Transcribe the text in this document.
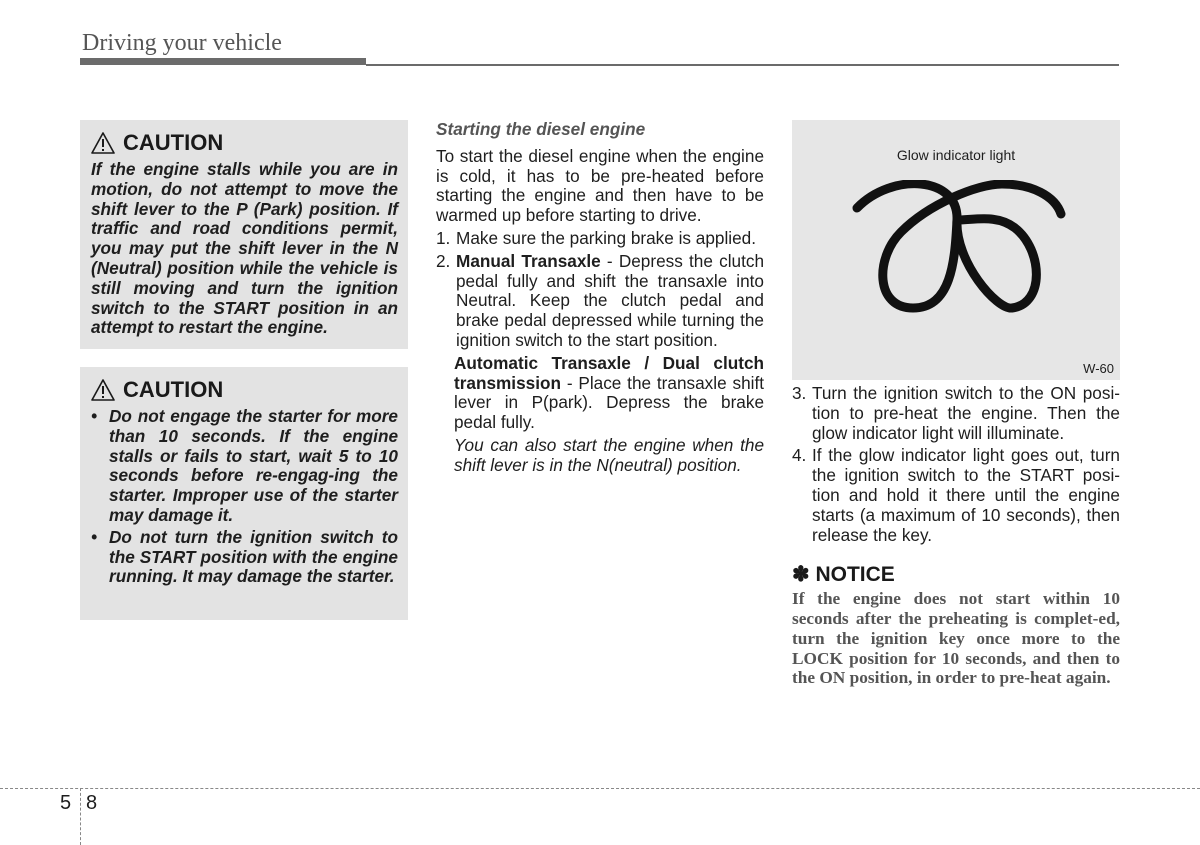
Driving your vehicle
CAUTION
If the engine stalls while you are in motion, do not attempt to move the shift lever to the P (Park) position. If traffic and road conditions permit, you may put the shift lever in the N (Neutral) position while the vehicle is still moving and turn the ignition switch to the START position in an attempt to restart the engine.
CAUTION
• Do not engage the starter for more than 10 seconds. If the engine stalls or fails to start, wait 5 to 10 seconds before re-engag-ing the starter. Improper use of the starter may damage it.
• Do not turn the ignition switch to the START position with the engine running. It may damage the starter.
Starting the diesel engine
To start the diesel engine when the engine is cold, it has to be pre-heated before starting the engine and then have to be warmed up before starting to drive.
1. Make sure the parking brake is applied.
2. Manual Transaxle - Depress the clutch pedal fully and shift the transaxle into Neutral. Keep the clutch pedal and brake pedal depressed while turning the ignition switch to the start position.
Automatic Transaxle / Dual clutch transmission - Place the transaxle shift lever in P(park). Depress the brake pedal fully.
You can also start the engine when the shift lever is in the N(neutral) position.
Glow indicator light
W-60
3. Turn the ignition switch to the ON posi-tion to pre-heat the engine. Then the glow indicator light will illuminate.
4. If the glow indicator light goes out, turn the ignition switch to the START posi-tion and hold it there until the engine starts (a maximum of 10 seconds), then release the key.
✽ NOTICE
If the engine does not start within 10 seconds after the preheating is complet-ed, turn the ignition key once more to the LOCK position for 10 seconds, and then to the ON position, in order to pre-heat again.
5 8
